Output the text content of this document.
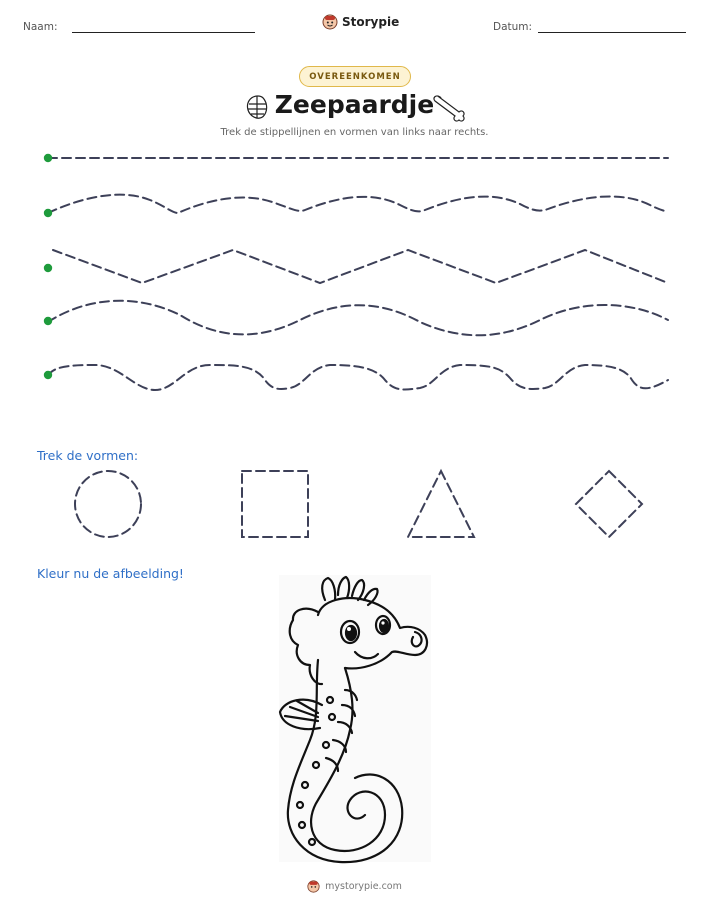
Naam:	Storypie	Datum:
OVEREENKOMEN
Zeepaardje
Trek de stippellijnen en vormen van links naar rechts.
Trek de vormen:
Kleur nu de afbeelding!
mystorypie.com
